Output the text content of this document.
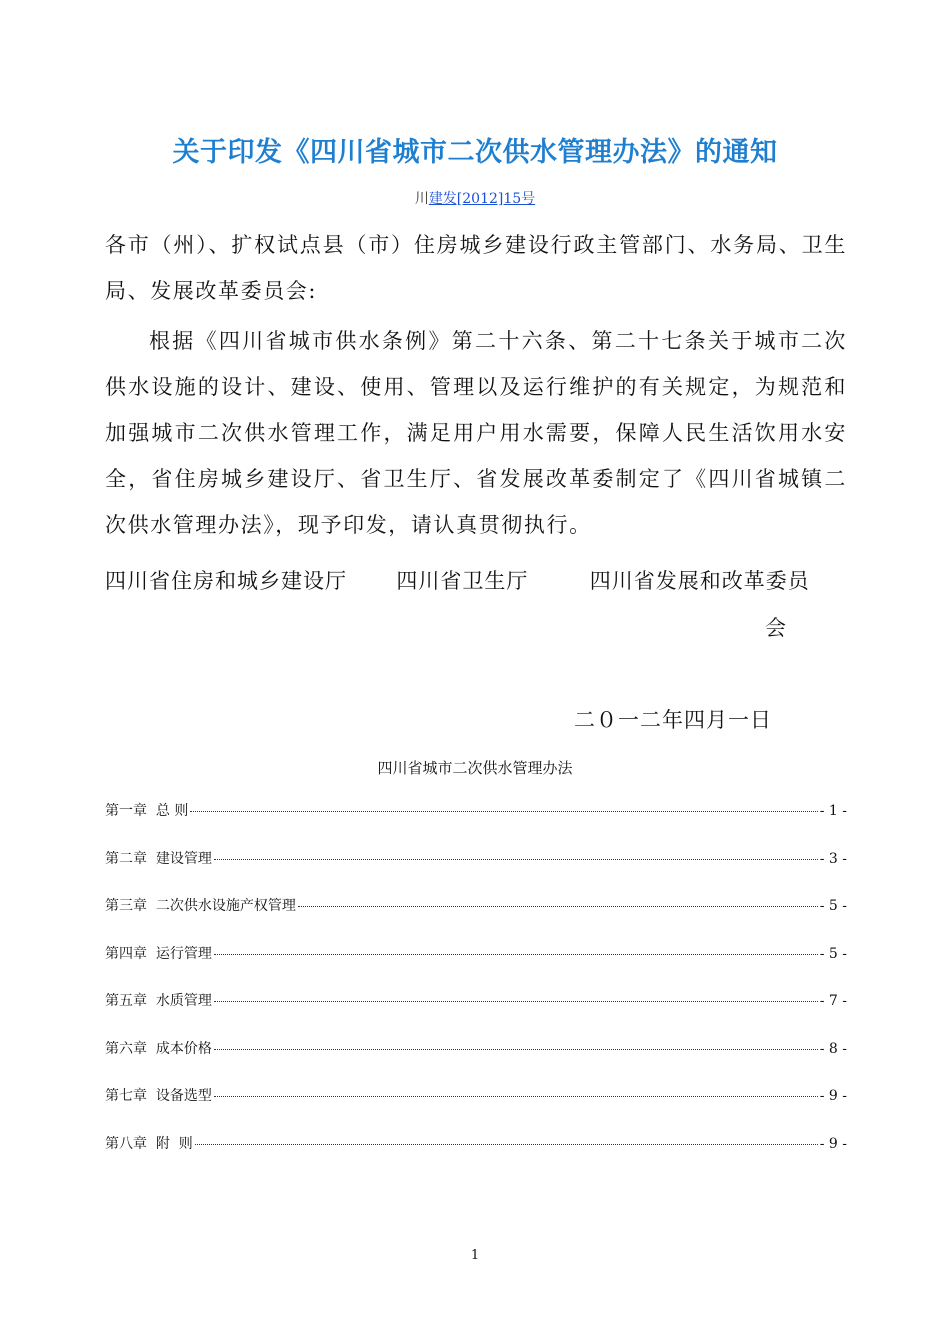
关于印发《四川省城市二次供水管理办法》的通知
川建发[2012]15号
各市（州）、扩权试点县（市）住房城乡建设行政主管部门、水务局、卫生局、发展改革委员会:
根据《四川省城市供水条例》第二十六条、第二十七条关于城市二次供水设施的设计、建设、使用、管理以及运行维护的有关规定，为规范和加强城市二次供水管理工作，满足用户用水需要，保障人民生活饮用水安全，省住房城乡建设厅、省卫生厅、省发展改革委制定了《四川省城镇二次供水管理办法》，现予印发，请认真贯彻执行。
四川省住房和城乡建设厅 四川省卫生厅	四川省发展和改革委员
会
二０一二年四月一日
四川省城市二次供水管理办法
第一章  总 则	- 1 -
第二章  建设管理	- 3 -
第三章  二次供水设施产权管理	- 5 -
第四章  运行管理	- 5 -
第五章  水质管理	- 7 -
第六章  成本价格	- 8 -
第七章  设备选型	- 9 -
第八章  附  则	- 9 -
1
